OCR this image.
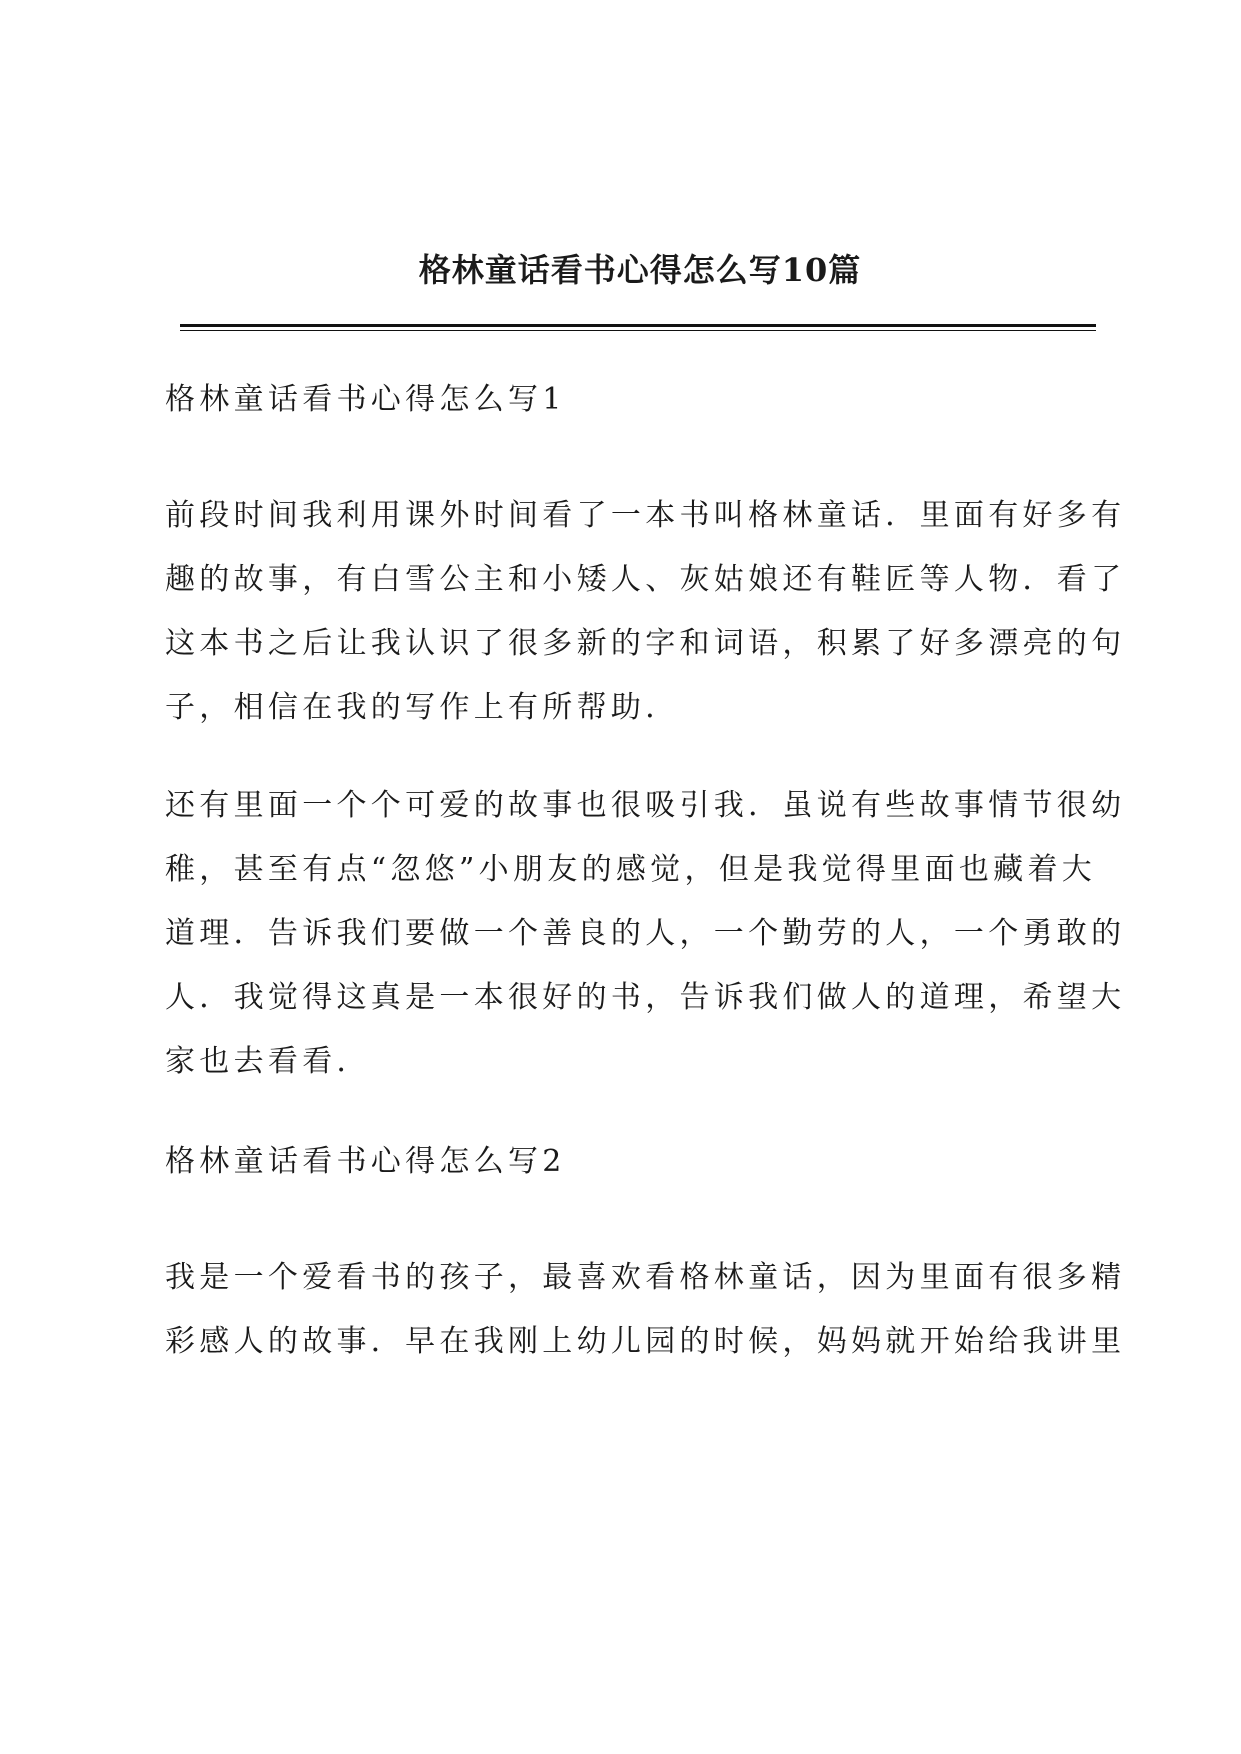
格林童话看书心得怎么写10篇
格林童话看书心得怎么写1
前段时间我利用课外时间看了一本书叫格林童话．里面有好多有
趣的故事，有白雪公主和小矮人、灰姑娘还有鞋匠等人物．看了
这本书之后让我认识了很多新的字和词语，积累了好多漂亮的句
子，相信在我的写作上有所帮助．
还有里面一个个可爱的故事也很吸引我．虽说有些故事情节很幼
稚，甚至有点“忽悠”小朋友的感觉，但是我觉得里面也藏着大
道理．告诉我们要做一个善良的人，一个勤劳的人，一个勇敢的
人．我觉得这真是一本很好的书，告诉我们做人的道理，希望大
家也去看看．
格林童话看书心得怎么写2
我是一个爱看书的孩子，最喜欢看格林童话，因为里面有很多精
彩感人的故事．早在我刚上幼儿园的时候，妈妈就开始给我讲里
